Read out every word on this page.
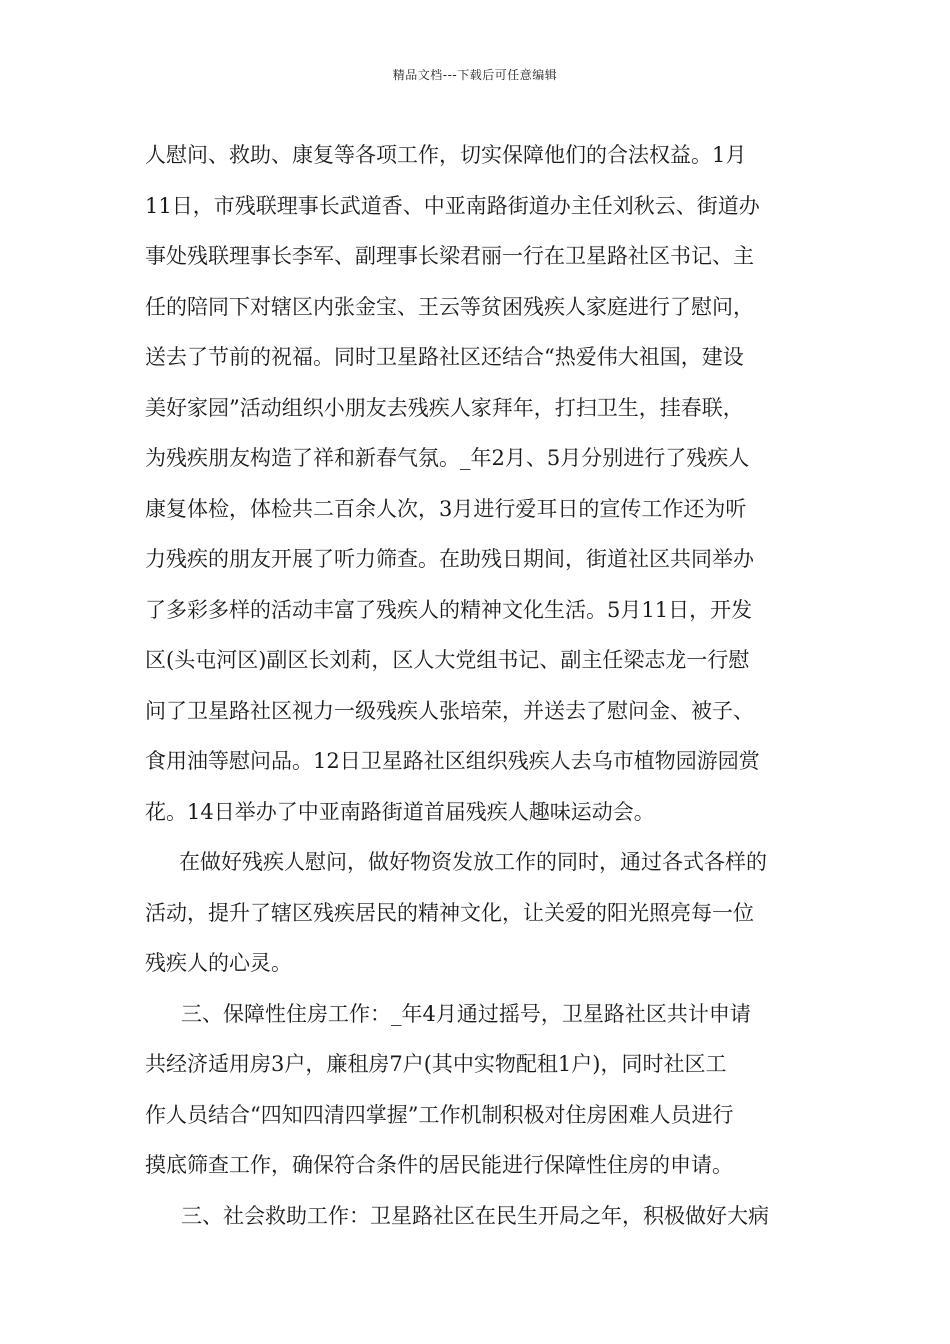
精品文档---下载后可任意编辑
人慰问、救助、康复等各项工作，切实保障他们的合法权益。1月
11日，市残联理事长武道香、中亚南路街道办主任刘秋云、街道办
事处残联理事长李军、副理事长梁君丽一行在卫星路社区书记、主
任的陪同下对辖区内张金宝、王云等贫困残疾人家庭进行了慰问，
送去了节前的祝福。同时卫星路社区还结合“热爱伟大祖国，建设
美好家园”活动组织小朋友去残疾人家拜年，打扫卫生，挂春联，
为残疾朋友构造了祥和新春气氛。_年2月、5月分别进行了残疾人
康复体检，体检共二百余人次，3月进行爱耳日的宣传工作还为听
力残疾的朋友开展了听力筛查。在助残日期间，街道社区共同举办
了多彩多样的活动丰富了残疾人的精神文化生活。5月11日，开发
区(头屯河区)副区长刘莉，区人大党组书记、副主任梁志龙一行慰
问了卫星路社区视力一级残疾人张培荣，并送去了慰问金、被子、
食用油等慰问品。12日卫星路社区组织残疾人去乌市植物园游园赏
花。14日举办了中亚南路街道首届残疾人趣味运动会。
在做好残疾人慰问，做好物资发放工作的同时，通过各式各样的
活动，提升了辖区残疾居民的精神文化，让关爱的阳光照亮每一位
残疾人的心灵。
三、保障性住房工作：_年4月通过摇号，卫星路社区共计申请
共经济适用房3户，廉租房7户(其中实物配租1户)，同时社区工
作人员结合“四知四清四掌握”工作机制积极对住房困难人员进行
摸底筛查工作，确保符合条件的居民能进行保障性住房的申请。
三、社会救助工作：卫星路社区在民生开局之年，积极做好大病
